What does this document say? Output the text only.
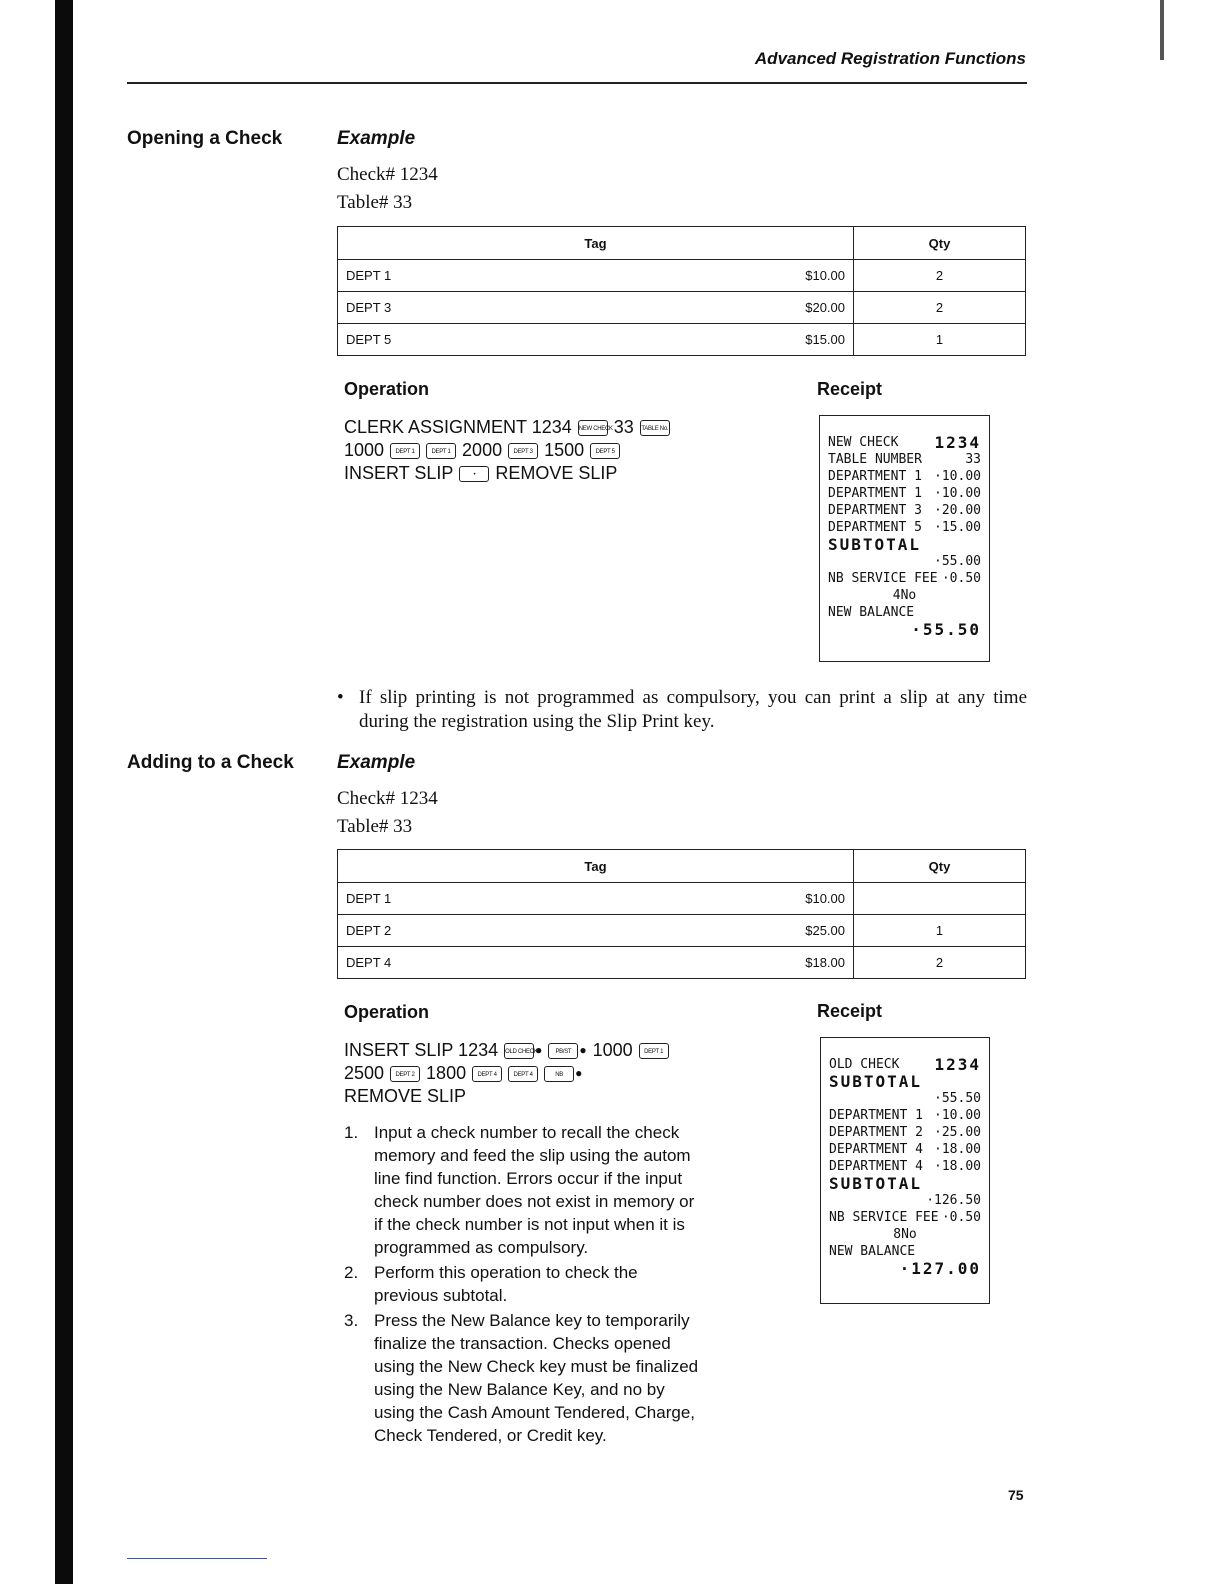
Advanced Registration Functions
Opening a Check	Example
Check# 1234
Table# 33
Tag	Qty
DEPT 1	$10.00	2
DEPT 3	$20.00	2
DEPT 5	$15.00	1
Operation	Receipt
CLERK ASSIGNMENT 1234 NEW CHECK 33 TABLE No.
1000	DEPT 1	DEPT 1 2000	DEPT 3 1500	DEPT 5
INSERT SLIP	•	REMOVE SLIP
NEW CHECK 1234
TABLE NUMBER	33
DEPARTMENT 1 ·10.00
DEPARTMENT 1 ·10.00
DEPARTMENT 3 ·20.00
DEPARTMENT 5 ·15.00
SUBTOTAL
·55.00
NB SERVICE FEE ·0.50
4No
NEW BALANCE
·55.50
• If slip printing is not programmed as compulsory, you can print a slip at any time during the registration using the Slip Print key.
Adding to a Check Example
Check# 1234
Table# 33
Tag	Qty
DEPT 1	$10.00
DEPT 2	$25.00	1
DEPT 4	$18.00	2
Operation	Receipt
INSERT SLIP 1234 OLD CHECK
●	PB/ST ● 1000	DEPT 1
2500	DEPT 2 1800	DEPT 4	DEPT 4	NB	●
REMOVE SLIP
1. Input a check number to recall the check memory and feed the slip using the autom line find function. Errors occur if the input check number does not exist in memory or if the check number is not input when it is programmed as compulsory.
2. Perform this operation to check the previous subtotal.
3. Press the New Balance key to temporarily finalize the transaction. Checks opened using the New Check key must be finalized using the New Balance Key, and no by using the Cash Amount Tendered, Charge, Check Tendered, or Credit key.
OLD CHECK 1234
SUBTOTAL
·55.50
DEPARTMENT 1 ·10.00
DEPARTMENT 2 ·25.00
DEPARTMENT 4 ·18.00
DEPARTMENT 4 ·18.00
SUBTOTAL
·126.50
NB SERVICE FEE ·0.50
8No
NEW BALANCE
·127.00
75
